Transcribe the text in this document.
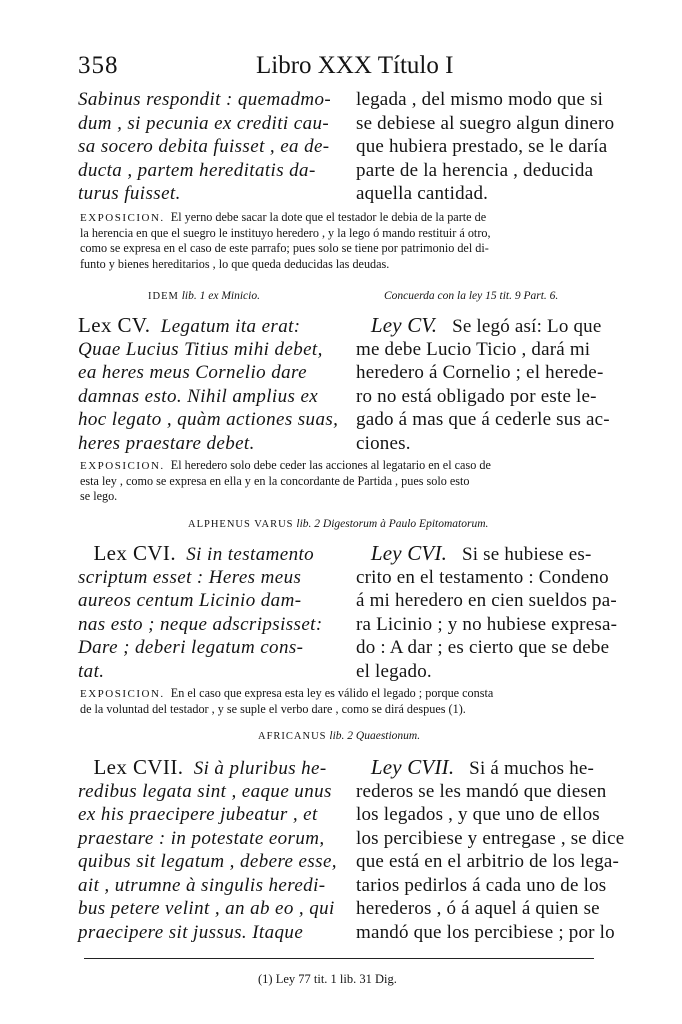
358	Libro XXX Título I
Sabinus respondit : quemadmo-
dum , si pecunia ex crediti cau-
sa socero debita fuisset , ea de-
ducta , partem hereditatis da-
turus fuisset.
legada , del mismo modo que si
se debiese al suegro algun dinero
que hubiera prestado, se le daría
parte de la herencia , deducida
aquella cantidad.
EXPOSICION. El yerno debe sacar la dote que el testador le debia de la parte de
la herencia en que el suegro le instituyo heredero , y la lego ó mando restituir á otro,
como se expresa en el caso de este parrafo; pues solo se tiene por patrimonio del di-
funto y bienes hereditarios , lo que queda deducidas las deudas.
IDEM lib. 1 ex Minicio.	Concuerda con la ley 15 tit. 9 Part. 6.
Lex CV. Legatum ita erat:
Quae Lucius Titius mihi debet,
ea heres meus Cornelio dare
damnas esto. Nihil amplius ex
hoc legato , quàm actiones suas,
heres praestare debet.
Ley CV. Se legó así: Lo que
me debe Lucio Ticio , dará mi
heredero á Cornelio ; el herede-
ro no está obligado por este le-
gado á mas que á cederle sus ac-
ciones.
EXPOSICION. El heredero solo debe ceder las acciones al legatario en el caso de
esta ley , como se expresa en ella y en la concordante de Partida , pues solo esto
se lego.
ALPHENUS VARUS lib. 2 Digestorum à Paulo Epitomatorum.
Lex CVI. Si in testamento
scriptum esset : Heres meus
aureos centum Licinio dam-
nas esto ; neque adscripsisset:
Dare ; deberi legatum cons-
tat.
Ley CVI. Si se hubiese es-
crito en el testamento : Condeno
á mi heredero en cien sueldos pa-
ra Licinio ; y no hubiese expresa-
do : A dar ; es cierto que se debe
el legado.
EXPOSICION. En el caso que expresa esta ley es válido el legado ; porque consta
de la voluntad del testador , y se suple el verbo dare , como se dirá despues (1).
AFRICANUS lib. 2 Quaestionum.
Lex CVII. Si à pluribus he-
redibus legata sint , eaque unus
ex his praecipere jubeatur , et
praestare : in potestate eorum,
quibus sit legatum , debere esse,
ait , utrumne à singulis heredi-
bus petere velint , an ab eo , qui
praecipere sit jussus. Itaque
Ley CVII. Si á muchos he-
rederos se les mandó que diesen
los legados , y que uno de ellos
los percibiese y entregase , se dice
que está en el arbitrio de los lega-
tarios pedirlos á cada uno de los
herederos , ó á aquel á quien se
mandó que los percibiese ; por lo
(1) Ley 77 tit. 1 lib. 31 Dig.
